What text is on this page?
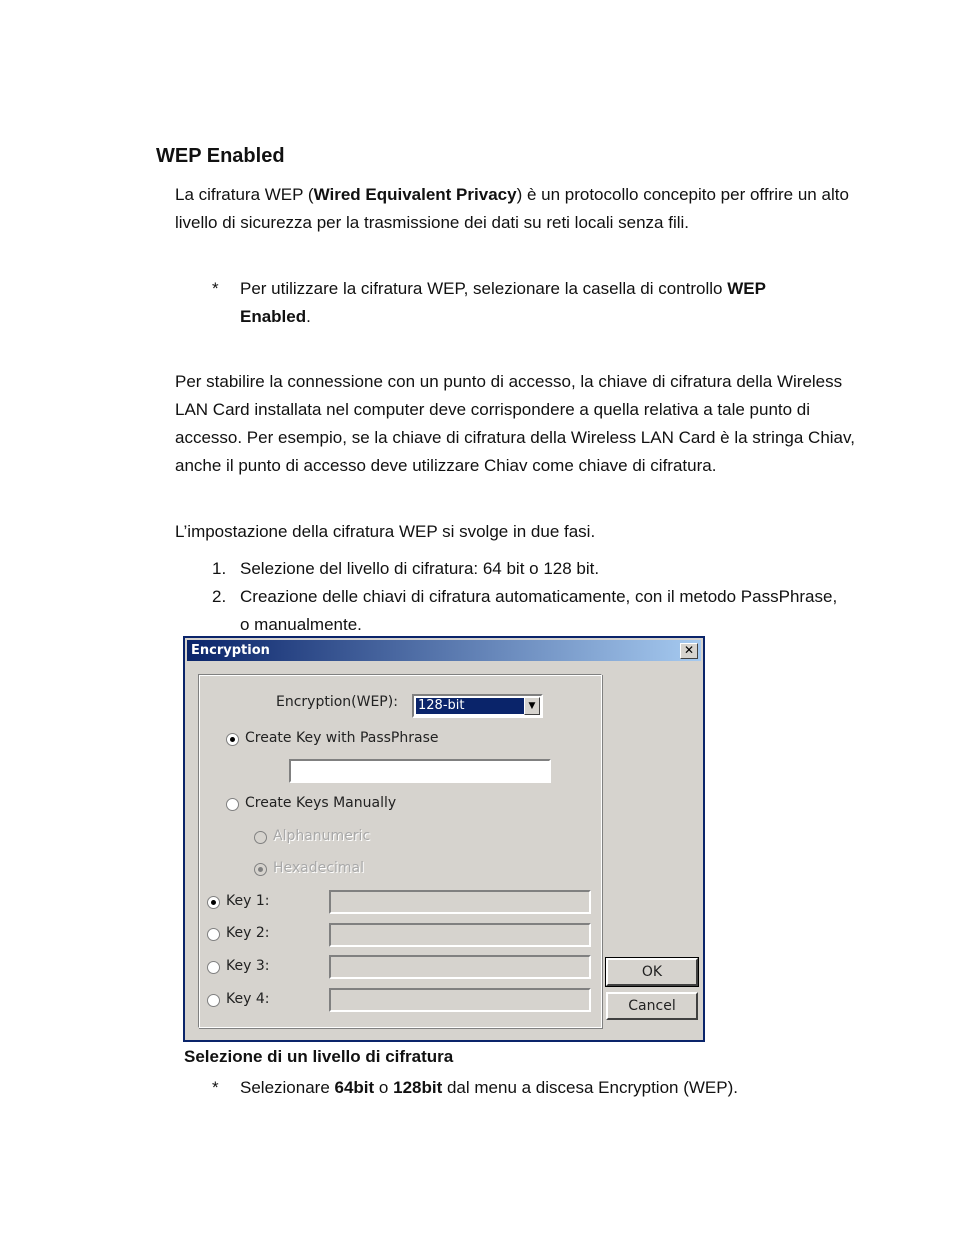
WEP Enabled
La cifratura WEP (Wired Equivalent Privacy) è un protocollo concepito per offrire un alto livello di sicurezza per la trasmissione dei dati su reti locali senza fili.
* Per utilizzare la cifratura WEP, selezionare la casella di controllo WEP Enabled.
Per stabilire la connessione con un punto di accesso, la chiave di cifratura della Wireless LAN Card installata nel computer deve corrispondere a quella relativa a tale punto di accesso. Per esempio, se la chiave di cifratura della Wireless LAN Card è la stringa Chiav, anche il punto di accesso deve utilizzare Chiav come chiave di cifratura.
L’impostazione della cifratura WEP si svolge in due fasi.
1. Selezione del livello di cifratura: 64 bit o 128 bit.
2. Creazione delle chiavi di cifratura automaticamente, con il metodo PassPhrase, o manualmente.
Encryption	✕
Encryption(WEP): 128-bit	▼
Create Key with PassPhrase
Create Keys Manually
Alphanumeric
Hexadecimal
Key 1:
Key 2:
Key 3:
Key 4:
OK
Cancel
Selezione di un livello di cifratura
* Selezionare 64bit o 128bit dal menu a discesa Encryption (WEP).
